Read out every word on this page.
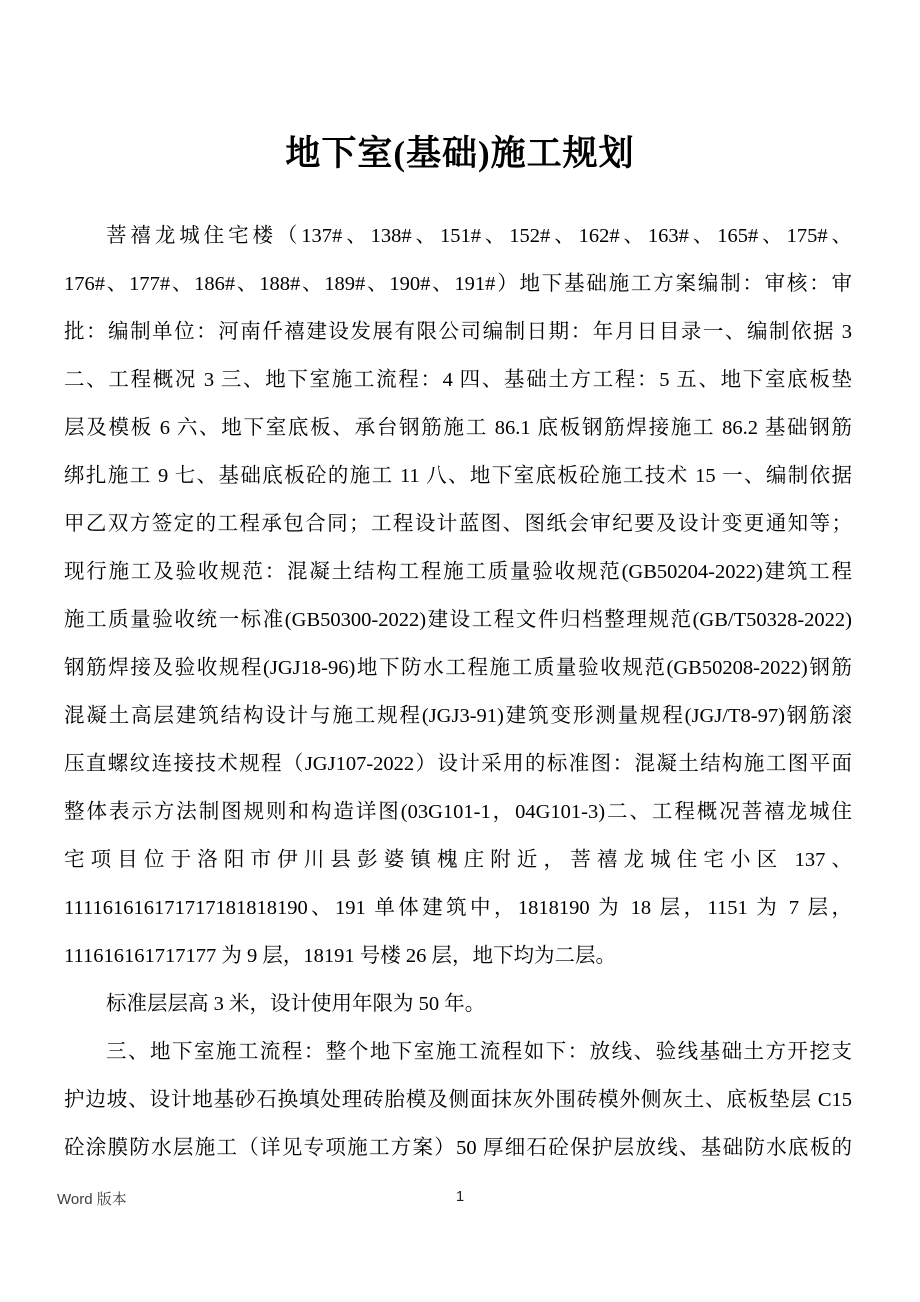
地下室(基础)施工规划
菩禧龙城住宅楼（137#、138#、151#、152#、162#、163#、165#、175#、
176#、177#、186#、188#、189#、190#、191#）地下基础施工方案编制：审核：审
批：编制单位：河南仟禧建设发展有限公司编制日期：年月日目录一、编制依据 3
二、工程概况 3 三、地下室施工流程：4 四、基础土方工程：5 五、地下室底板垫
层及模板 6 六、地下室底板、承台钢筋施工 86.1 底板钢筋焊接施工 86.2 基础钢筋
绑扎施工 9 七、基础底板砼的施工 11 八、地下室底板砼施工技术 15 一、编制依据
甲乙双方签定的工程承包合同；工程设计蓝图、图纸会审纪要及设计变更通知等；
现行施工及验收规范：混凝土结构工程施工质量验收规范(GB50204-2022)建筑工程
施工质量验收统一标准(GB50300-2022)建设工程文件归档整理规范(GB/T50328-2022)
钢筋焊接及验收规程(JGJ18-96)地下防水工程施工质量验收规范(GB50208-2022)钢筋
混凝土高层建筑结构设计与施工规程(JGJ3-91)建筑变形测量规程(JGJ/T8-97)钢筋滚
压直螺纹连接技术规程（JGJ107-2022）设计采用的标准图：混凝土结构施工图平面
整体表示方法制图规则和构造详图(03G101-1，04G101-3)二、工程概况菩禧龙城住
宅项目位于洛阳市伊川县彭婆镇槐庄附近，菩禧龙城住宅小区 137、
111161616171717181818190、191 单体建筑中，1818190 为 18 层，1151 为 7 层，
111616161717177 为 9 层，18191 号楼 26 层，地下均为二层。
标准层层高 3 米，设计使用年限为 50 年。
三、地下室施工流程：整个地下室施工流程如下：放线、验线基础土方开挖支
护边坡、设计地基砂石换填处理砖胎模及侧面抹灰外围砖模外侧灰土、底板垫层 C15
砼涂膜防水层施工（详见专项施工方案）50 厚细石砼保护层放线、基础防水底板的
Word 版本	1
